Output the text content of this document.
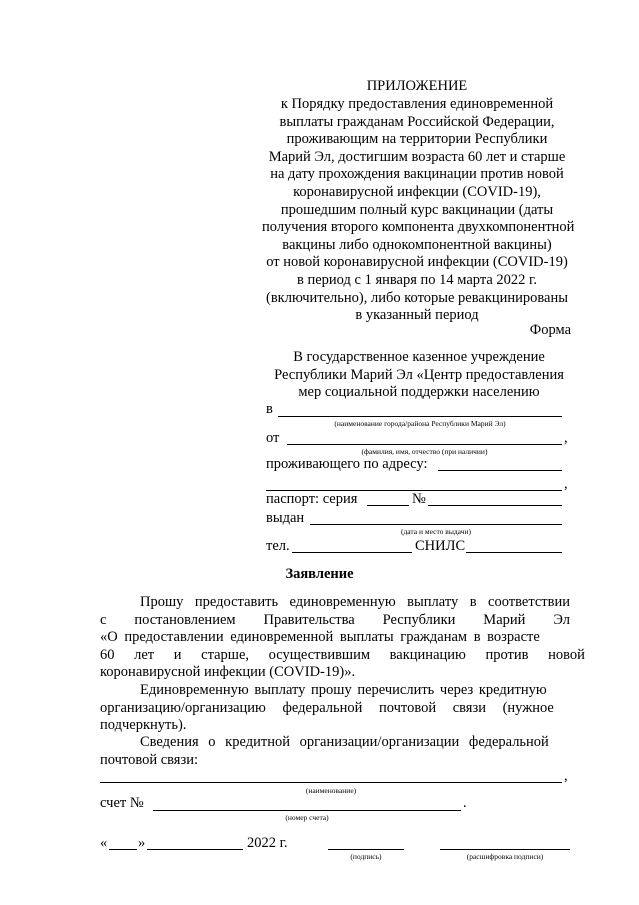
ПРИЛОЖЕНИЕ
к Порядку предоставления единовременной
выплаты гражданам Российской Федерации,
проживающим на территории Республики
Марий Эл, достигшим возраста 60 лет и старше
на дату прохождения вакцинации против новой
коронавирусной инфекции (COVID-19),
прошедшим полный курс вакцинации (даты
получения второго компонента двухкомпонентной
вакцины либо однокомпонентной вакцины)
от новой коронавирусной инфекции (COVID-19)
в период с 1 января по 14 марта 2022 г.
(включительно), либо которые ревакцинированы
в указанный период
Форма
В государственное казенное учреждение
Республики Марий Эл «Центр предоставления
мер социальной поддержки населению
в
(наименование города/района Республики Марий Эл)
от	,
(фамилия, имя, отчество (при наличии)
проживающего по адресу:
,
паспорт: серия	№
выдан
(дата и место выдачи)
тел.	СНИЛС
Заявление
Прошу предоставить единовременную выплату в соответствии
с постановлением Правительства Республики Марий Эл
«О предоставлении единовременной выплаты гражданам в возрасте
60 лет и старше, осуществившим вакцинацию против новой
коронавирусной инфекции (COVID-19)».
Единовременную выплату прошу перечислить через кредитную
организацию/организацию федеральной почтовой связи (нужное
подчеркнуть).
Сведения о кредитной организации/организации федеральной
почтовой связи:
,
(наименование)
счет №	.
(номер счета)
« »	2022 г.
(подпись)	(расшифровка подписи)
